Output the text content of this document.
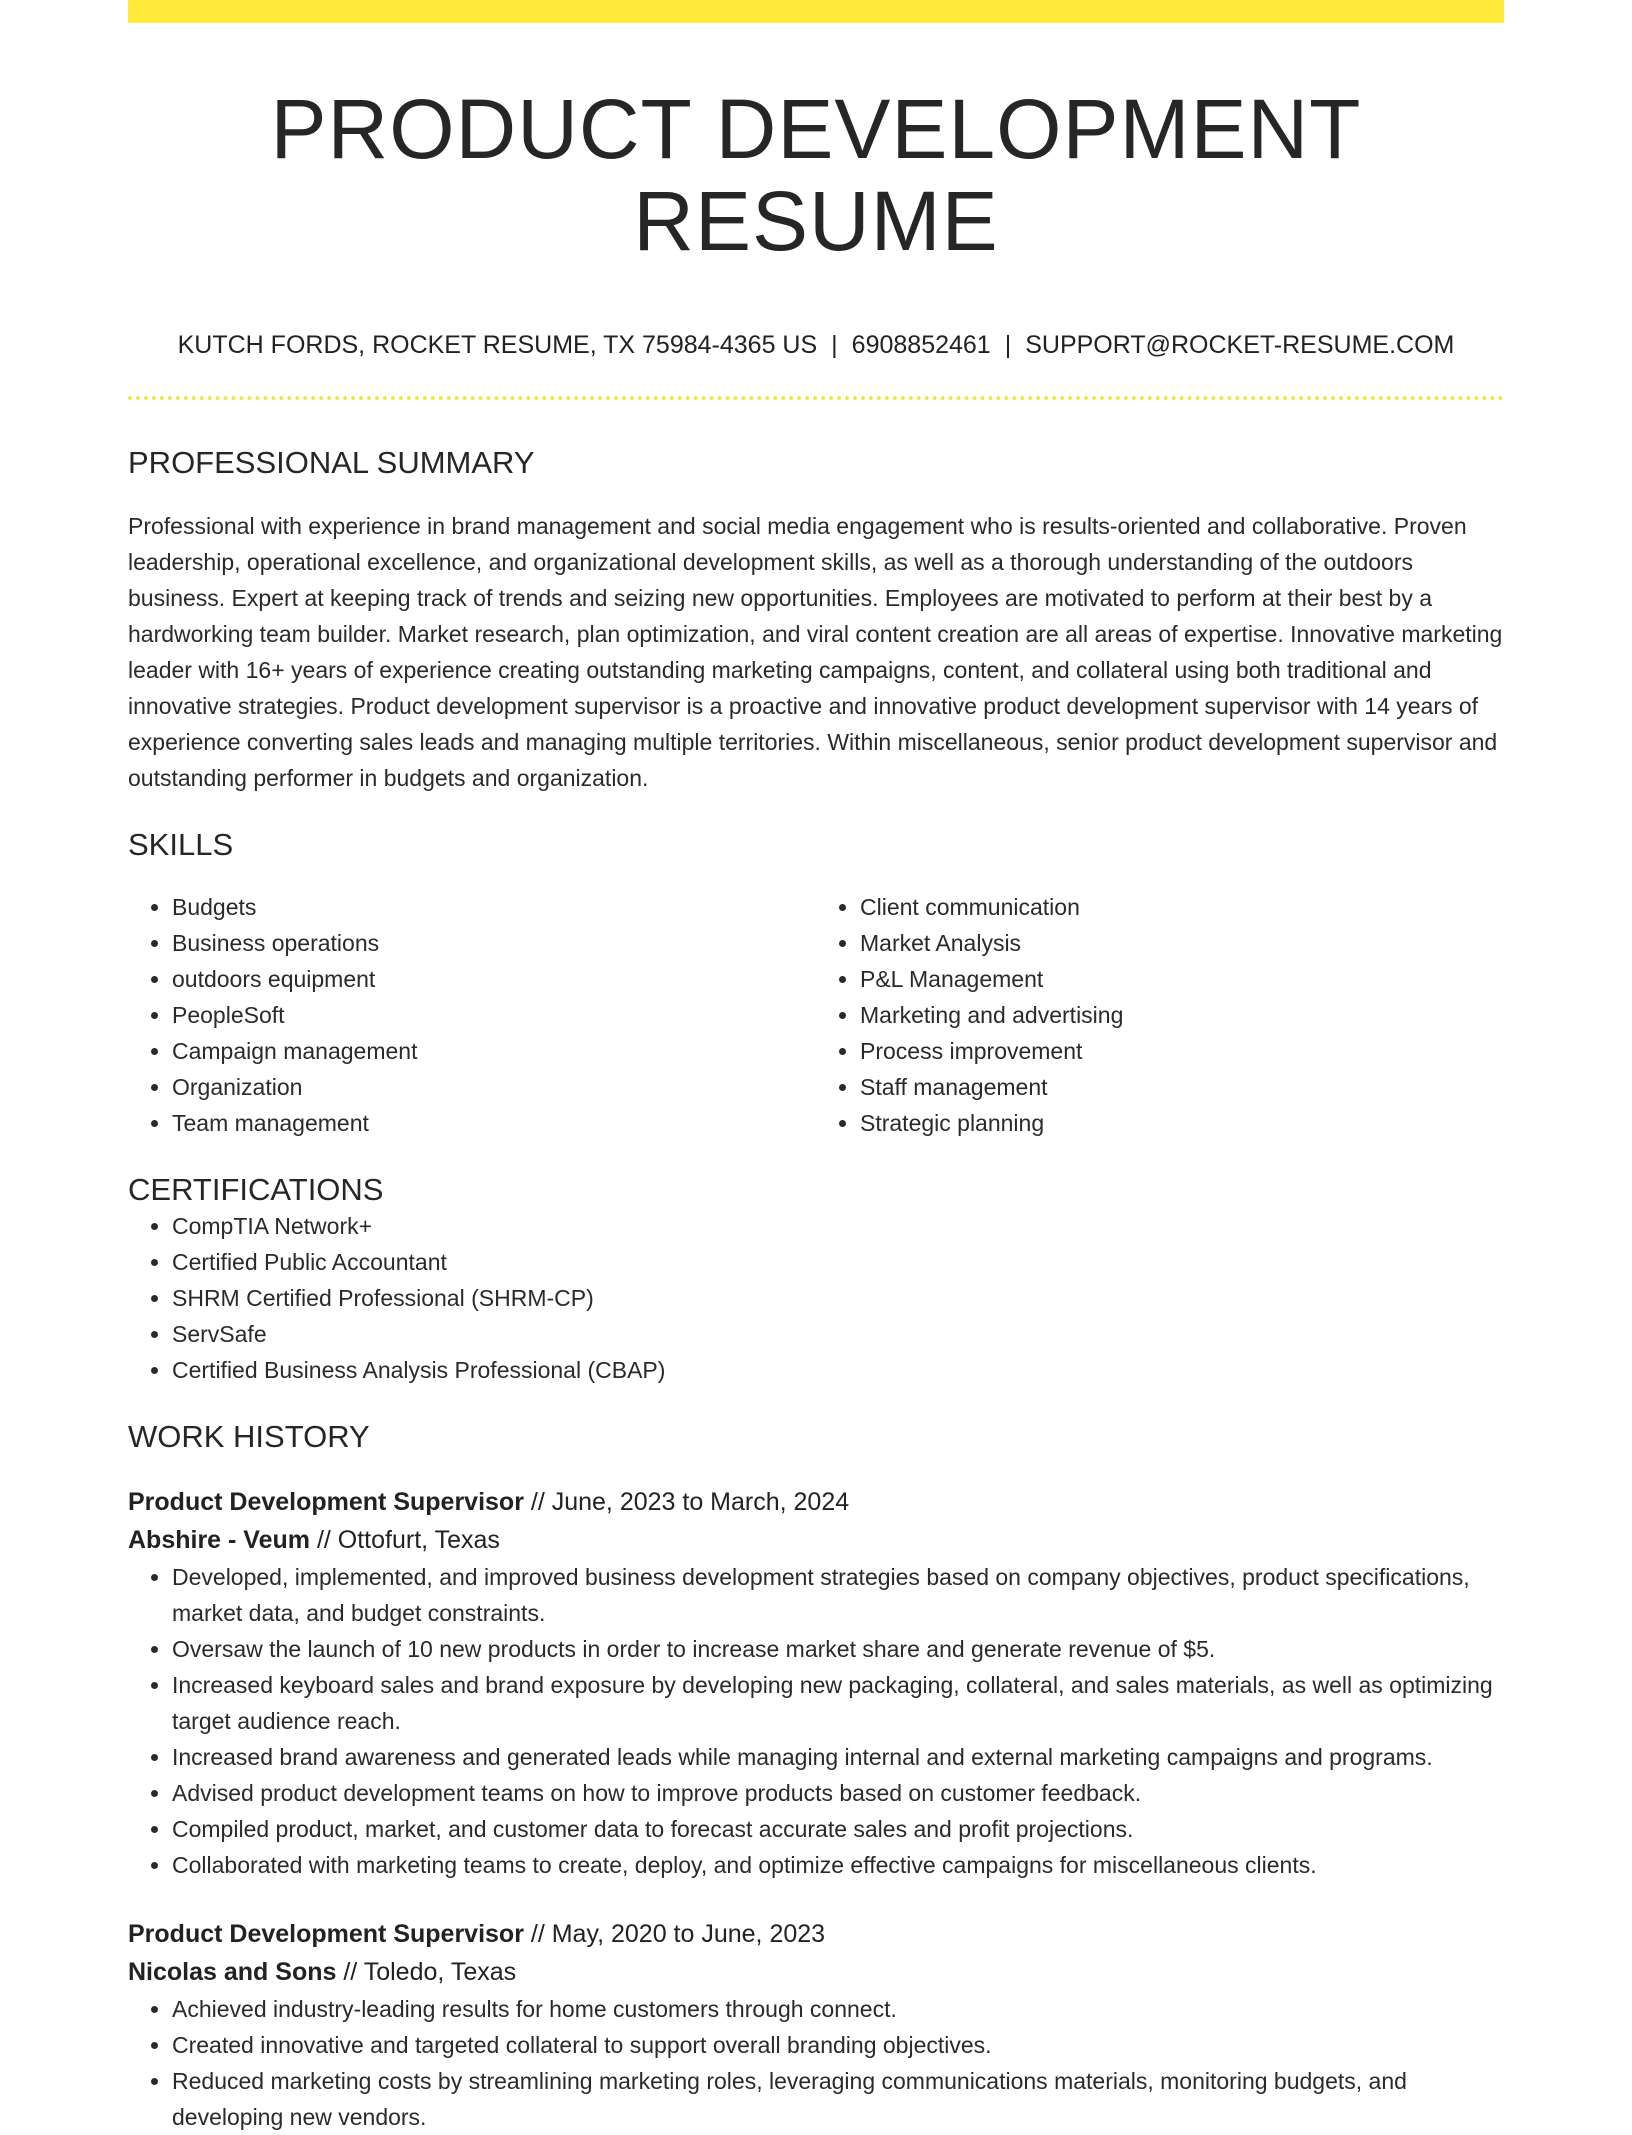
PRODUCT DEVELOPMENT RESUME
KUTCH FORDS, ROCKET RESUME, TX 75984-4365 US | 6908852461 | SUPPORT@ROCKET-RESUME.COM
PROFESSIONAL SUMMARY

Professional with experience in brand management and social media engagement who is results-oriented and collaborative. Proven leadership, operational excellence, and organizational development skills, as well as a thorough understanding of the outdoors business. Expert at keeping track of trends and seizing new opportunities. Employees are motivated to perform at their best by a hardworking team builder. Market research, plan optimization, and viral content creation are all areas of expertise. Innovative marketing leader with 16+ years of experience creating outstanding marketing campaigns, content, and collateral using both traditional and innovative strategies. Product development supervisor is a proactive and innovative product development supervisor with 14 years of experience converting sales leads and managing multiple territories. Within miscellaneous, senior product development supervisor and outstanding performer in budgets and organization.

SKILLS
• Budgets
• Business operations
• outdoors equipment
• PeopleSoft
• Campaign management
• Organization
• Team management
• Client communication
• Market Analysis
• P&L Management
• Marketing and advertising
• Process improvement
• Staff management
• Strategic planning
CERTIFICATIONS
• CompTIA Network+
• Certified Public Accountant
• SHRM Certified Professional (SHRM-CP)
• ServSafe
• Certified Business Analysis Professional (CBAP)
WORK HISTORY
Product Development Supervisor // June, 2023 to March, 2024
Abshire - Veum // Ottofurt, Texas
• Developed, implemented, and improved business development strategies based on company objectives, product specifications, market data, and budget constraints.
• Oversaw the launch of 10 new products in order to increase market share and generate revenue of $5.
• Increased keyboard sales and brand exposure by developing new packaging, collateral, and sales materials, as well as optimizing target audience reach.
• Increased brand awareness and generated leads while managing internal and external marketing campaigns and programs.
• Advised product development teams on how to improve products based on customer feedback.
• Compiled product, market, and customer data to forecast accurate sales and profit projections.
• Collaborated with marketing teams to create, deploy, and optimize effective campaigns for miscellaneous clients.
Product Development Supervisor // May, 2020 to June, 2023
Nicolas and Sons // Toledo, Texas
• Achieved industry-leading results for home customers through connect.
• Created innovative and targeted collateral to support overall branding objectives.
• Reduced marketing costs by streamlining marketing roles, leveraging communications materials, monitoring budgets, and developing new vendors.
